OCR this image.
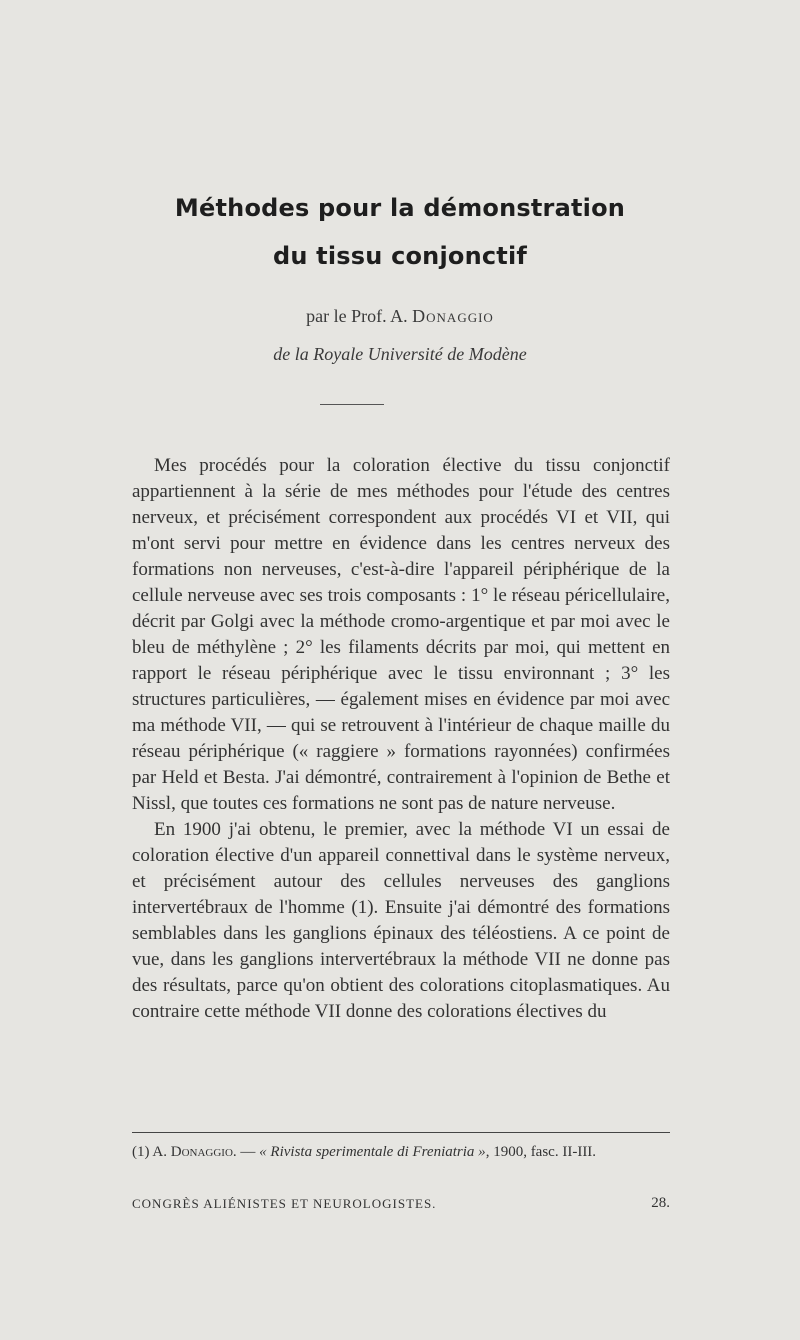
Méthodes pour la démonstration
du tissu conjonctif
par le Prof. A. Donaggio
de la Royale Université de Modène

Mes procédés pour la coloration élective du tissu conjonctif appartiennent à la série de mes méthodes pour l'étude des centres nerveux, et précisément correspondent aux procédés VI et VII, qui m'ont servi pour mettre en évidence dans les centres nerveux des formations non nerveuses, c'est-à-dire l'appareil périphérique de la cellule nerveuse avec ses trois composants : 1° le réseau péricellulaire, décrit par Golgi avec la méthode cromo-argentique et par moi avec le bleu de méthylène ; 2° les filaments décrits par moi, qui mettent en rapport le réseau périphérique avec le tissu environnant ; 3° les structures particulières, — également mises en évidence par moi avec ma méthode VII, — qui se retrouvent à l'intérieur de chaque maille du réseau périphérique (« raggiere » formations rayonnées) confirmées par Held et Besta. J'ai démontré, contrairement à l'opinion de Bethe et Nissl, que toutes ces formations ne sont pas de nature nerveuse.

En 1900 j'ai obtenu, le premier, avec la méthode VI un essai de coloration élective d'un appareil connettival dans le système nerveux, et précisément autour des cellules nerveuses des ganglions intervertébraux de l'homme (1). Ensuite j'ai démontré des formations semblables dans les ganglions épinaux des téléostiens. A ce point de vue, dans les ganglions intervertébraux la méthode VII ne donne pas des résultats, parce qu'on obtient des colorations citoplasmatiques. Au contraire cette méthode VII donne des colorations électives du

(1) A. Donaggio. — « Rivista sperimentale di Freniatria », 1900, fasc. II-III.
CONGRÈS ALIÉNISTES ET NEUROLOGISTES.	28.
